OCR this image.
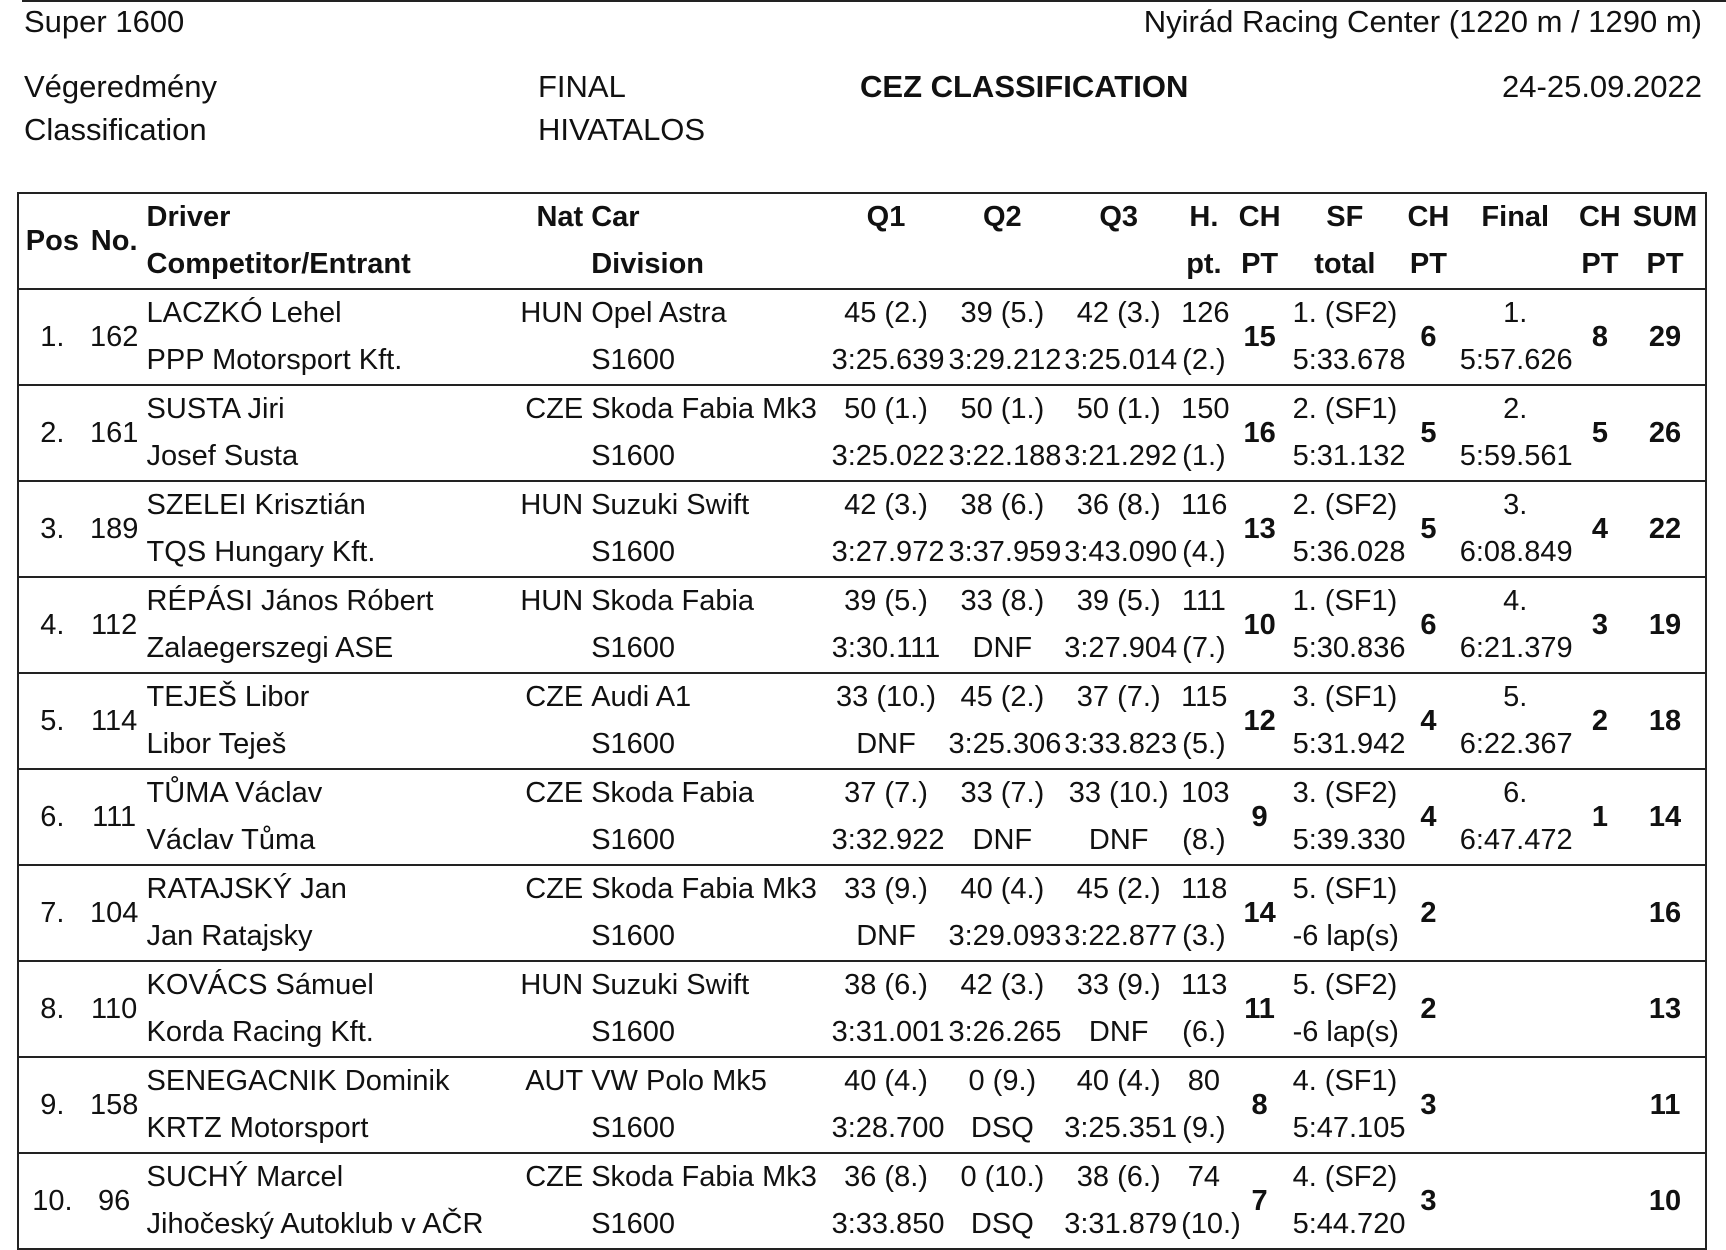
Super 1600	Nyirád Racing Center (1220 m / 1290 m)
Végeredmény
Classification
FINAL
HIVATALOS
CEZ CLASSIFICATION	24-25.09.2022
Pos	No.	Driver	Nat	Car	Q1	Q2	Q3	H.	CH	SF	CH	Final	CH	SUM
		Competitor/Entrant		Division				pt.	PT	total	PT		PT	PT
1.	162	LACZKÓ Lehel	HUN	Opel Astra	45 (2.)	39 (5.)	42 (3.)	126	15	1. (SF2)	6	1.	8	29
		PPP Motorsport Kft.		S1600	3:25.639	3:29.212	3:25.014	(2.)		5:33.678		5:57.626		
2.	161	SUSTA Jiri	CZE	Skoda Fabia Mk3	50 (1.)	50 (1.)	50 (1.)	150	16	2. (SF1)	5	2.	5	26
		Josef Susta		S1600	3:25.022	3:22.188	3:21.292	(1.)		5:31.132		5:59.561		
3.	189	SZELEI Krisztián	HUN	Suzuki Swift	42 (3.)	38 (6.)	36 (8.)	116	13	2. (SF2)	5	3.	4	22
		TQS Hungary Kft.		S1600	3:27.972	3:37.959	3:43.090	(4.)		5:36.028		6:08.849		
4.	112	RÉPÁSI János Róbert	HUN	Skoda Fabia	39 (5.)	33 (8.)	39 (5.)	111	10	1. (SF1)	6	4.	3	19
		Zalaegerszegi ASE		S1600	3:30.111	DNF	3:27.904	(7.)		5:30.836		6:21.379		
5.	114	TEJEŠ Libor	CZE	Audi A1	33 (10.)	45 (2.)	37 (7.)	115	12	3. (SF1)	4	5.	2	18
		Libor Teješ		S1600	DNF	3:25.306	3:33.823	(5.)		5:31.942		6:22.367		
6.	111	TŮMA Václav	CZE	Skoda Fabia	37 (7.)	33 (7.)	33 (10.)	103	9	3. (SF2)	4	6.	1	14
		Václav Tůma		S1600	3:32.922	DNF	DNF	(8.)		5:39.330		6:47.472		
7.	104	RATAJSKÝ Jan	CZE	Skoda Fabia Mk3	33 (9.)	40 (4.)	45 (2.)	118	14	5. (SF1)	2			16
		Jan Ratajsky		S1600	DNF	3:29.093	3:22.877	(3.)		-6 lap(s)				
8.	110	KOVÁCS Sámuel	HUN	Suzuki Swift	38 (6.)	42 (3.)	33 (9.)	113	11	5. (SF2)	2			13
		Korda Racing Kft.		S1600	3:31.001	3:26.265	DNF	(6.)		-6 lap(s)				
9.	158	SENEGACNIK Dominik	AUT	VW Polo Mk5	40 (4.)	0 (9.)	40 (4.)	80	8	4. (SF1)	3			11
		KRTZ Motorsport		S1600	3:28.700	DSQ	3:25.351	(9.)		5:47.105				
10.	96	SUCHÝ Marcel	CZE	Skoda Fabia Mk3	36 (8.)	0 (10.)	38 (6.)	74	7	4. (SF2)	3			10
		Jihočeský Autoklub v AČR		S1600	3:33.850	DSQ	3:31.879	(10.)		5:44.720				
